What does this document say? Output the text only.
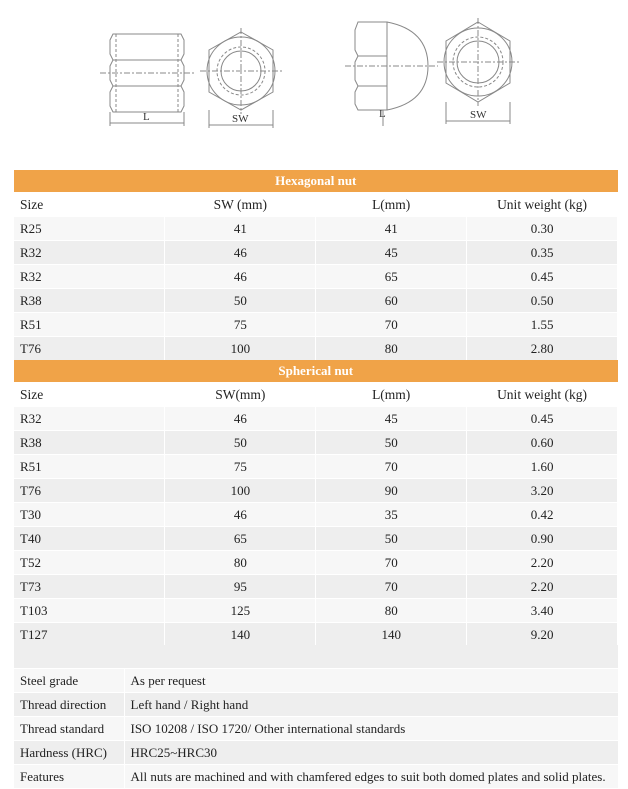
L	SW	L	SW
Hexagonal nut			
Size	SW (mm)	L(mm)	Unit weight (kg)
R25	41	41	0.30
R32	46	45	0.35
R32	46	65	0.45
R38	50	60	0.50
R51	75	70	1.55
T76	100	80	2.80
Spherical nut			
Size	SW(mm)	L(mm)	Unit weight (kg)
R32	46	45	0.45
R38	50	50	0.60
R51	75	70	1.60
T76	100	90	3.20
T30	46	35	0.42
T40	65	50	0.90
T52	80	70	2.20
T73	95	70	2.20
T103	125	80	3.40
T127	140	140	9.20

Steel grade	As per request
Thread direction	Left hand / Right hand
Thread standard	ISO 10208 / ISO 1720/ Other international standards
Hardness (HRC)	HRC25~HRC30
Features	All nuts are machined and with chamfered edges to suit both domed plates and solid plates.
